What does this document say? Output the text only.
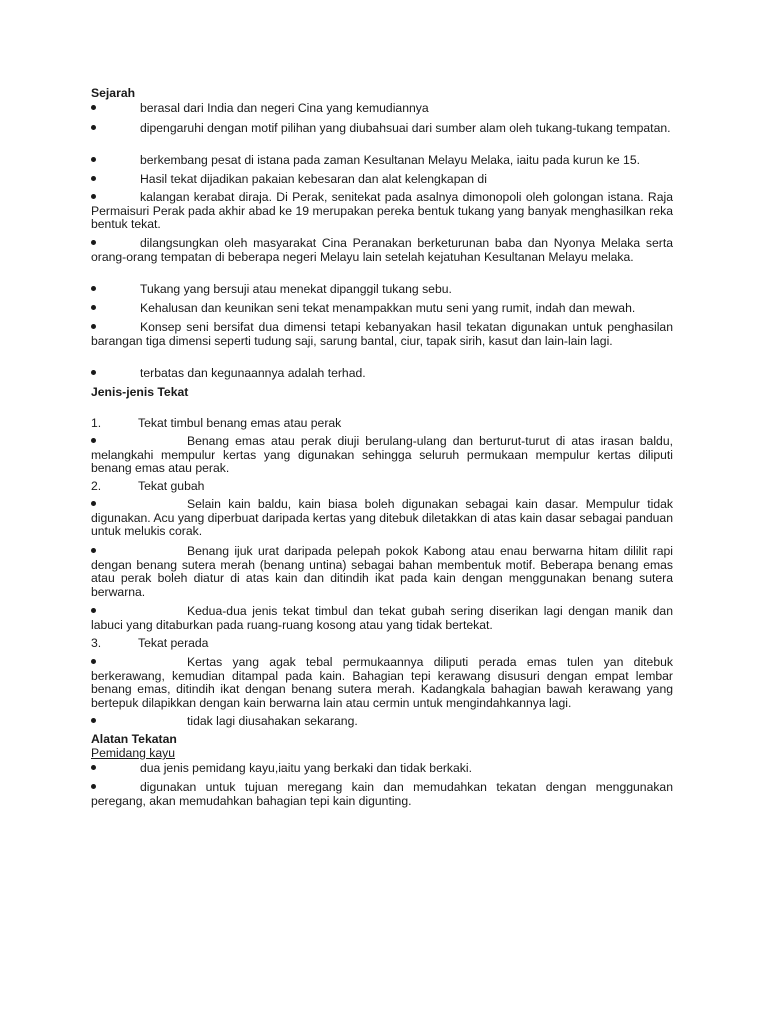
Sejarah
berasal dari India dan negeri Cina yang kemudiannya
dipengaruhi dengan motif pilihan yang diubahsuai dari sumber alam oleh tukang-tukang tempatan.
berkembang pesat di istana pada zaman Kesultanan Melayu Melaka, iaitu pada kurun ke 15.
Hasil tekat dijadikan pakaian kebesaran dan alat kelengkapan di
kalangan kerabat diraja. Di Perak, senitekat pada asalnya dimonopoli oleh golongan istana. Raja Permaisuri Perak pada akhir abad ke 19 merupakan pereka bentuk tukang yang banyak menghasilkan reka bentuk tekat.
dilangsungkan oleh masyarakat Cina Peranakan berketurunan baba dan Nyonya Melaka serta orang-orang tempatan di beberapa negeri Melayu lain setelah kejatuhan Kesultanan Melayu melaka.
Tukang yang bersuji atau menekat dipanggil tukang sebu.
Kehalusan dan keunikan seni tekat menampakkan mutu seni yang rumit, indah dan mewah.
Konsep seni bersifat dua dimensi tetapi kebanyakan hasil tekatan digunakan untuk penghasilan barangan tiga dimensi seperti tudung saji, sarung bantal, ciur, tapak sirih, kasut dan lain-lain lagi.
terbatas dan kegunaannya adalah terhad.
Jenis-jenis Tekat
1.	Tekat timbul benang emas atau perak
Benang emas atau perak diuji berulang-ulang dan berturut-turut di atas irasan baldu, melangkahi mempulur kertas yang digunakan sehingga seluruh permukaan mempulur kertas diliputi benang emas atau perak.
2.	Tekat gubah
Selain kain baldu, kain biasa boleh digunakan sebagai kain dasar. Mempulur tidak digunakan. Acu yang diperbuat daripada kertas yang ditebuk diletakkan di atas kain dasar sebagai panduan untuk melukis corak.
Benang ijuk urat daripada pelepah pokok Kabong atau enau berwarna hitam dililit rapi dengan benang sutera merah (benang untina) sebagai bahan membentuk motif. Beberapa benang emas atau perak boleh diatur di atas kain dan ditindih ikat pada kain dengan menggunakan benang sutera berwarna.
Kedua-dua jenis tekat timbul dan tekat gubah sering diserikan lagi dengan manik dan labuci yang ditaburkan pada ruang-ruang kosong atau yang tidak bertekat.
3.	Tekat perada
Kertas yang agak tebal permukaannya diliputi perada emas tulen yan ditebuk berkerawang, kemudian ditampal pada kain. Bahagian tepi kerawang disusuri dengan empat lembar benang emas, ditindih ikat dengan benang sutera merah. Kadangkala bahagian bawah kerawang yang bertepuk dilapikkan dengan kain berwarna lain atau cermin untuk mengindahkannya lagi.
tidak lagi diusahakan sekarang.
Alatan Tekatan
Pemidang kayu
dua jenis pemidang kayu,iaitu yang berkaki dan tidak berkaki.
digunakan untuk tujuan meregang kain dan memudahkan tekatan dengan menggunakan peregang, akan memudahkan bahagian tepi kain digunting.
